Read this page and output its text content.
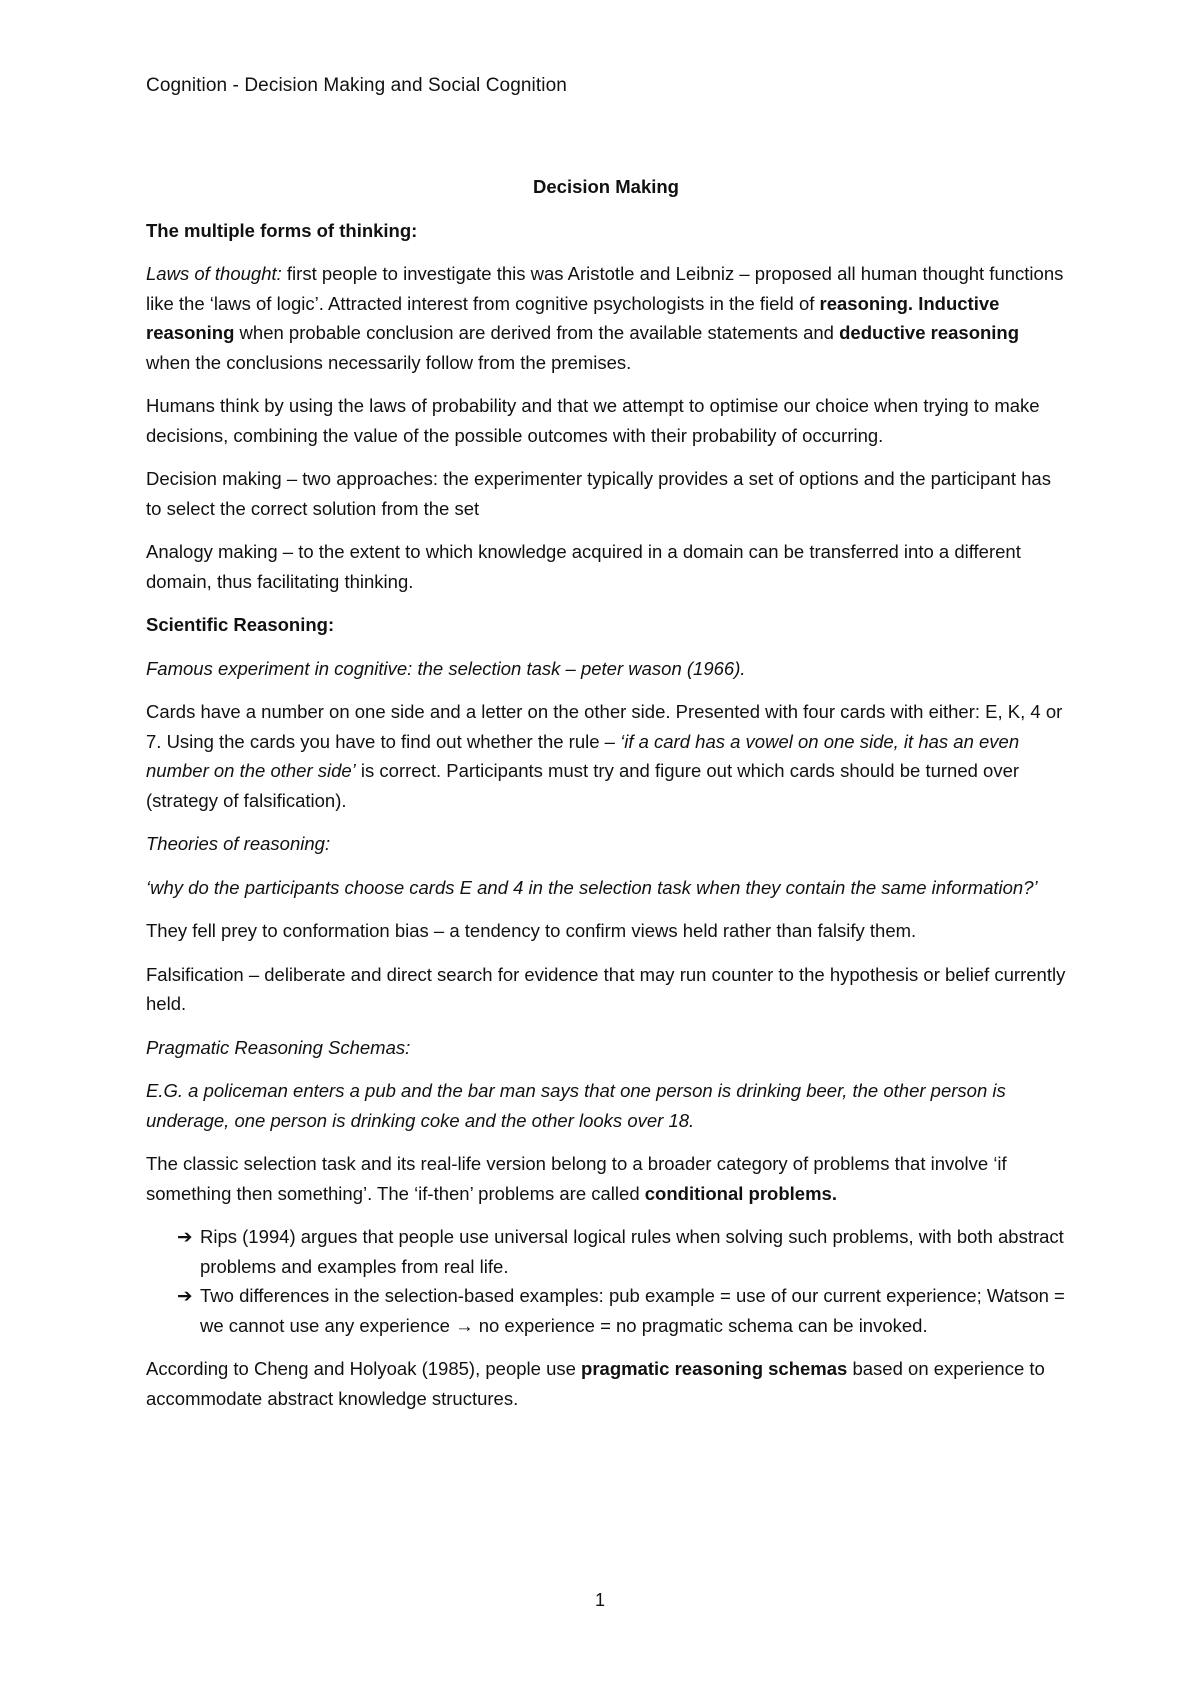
Cognition - Decision Making and Social Cognition
Decision Making

The multiple forms of thinking:

Laws of thought: first people to investigate this was Aristotle and Leibniz – proposed all human thought functions like the ‘laws of logic’. Attracted interest from cognitive psychologists in the field of reasoning. Inductive reasoning when probable conclusion are derived from the available statements and deductive reasoning when the conclusions necessarily follow from the premises.

Humans think by using the laws of probability and that we attempt to optimise our choice when trying to make decisions, combining the value of the possible outcomes with their probability of occurring.

Decision making – two approaches: the experimenter typically provides a set of options and the participant has to select the correct solution from the set

Analogy making – to the extent to which knowledge acquired in a domain can be transferred into a different domain, thus facilitating thinking.

Scientific Reasoning:

Famous experiment in cognitive: the selection task – peter wason (1966).

Cards have a number on one side and a letter on the other side. Presented with four cards with either: E, K, 4 or 7. Using the cards you have to find out whether the rule – ‘if a card has a vowel on one side, it has an even number on the other side’ is correct. Participants must try and figure out which cards should be turned over (strategy of falsification).

Theories of reasoning:

‘why do the participants choose cards E and 4 in the selection task when they contain the same information?’

They fell prey to conformation bias – a tendency to confirm views held rather than falsify them.

Falsification – deliberate and direct search for evidence that may run counter to the hypothesis or belief currently held.

Pragmatic Reasoning Schemas:

E.G. a policeman enters a pub and the bar man says that one person is drinking beer, the other person is underage, one person is drinking coke and the other looks over 18.

The classic selection task and its real-life version belong to a broader category of problems that involve ‘if something then something’. The ‘if-then’ problems are called conditional problems.

➔ Rips (1994) argues that people use universal logical rules when solving such problems, with both abstract problems and examples from real life.
➔ Two differences in the selection-based examples: pub example = use of our current experience; Watson = we cannot use any experience → no experience = no pragmatic schema can be invoked.

According to Cheng and Holyoak (1985), people use pragmatic reasoning schemas based on experience to accommodate abstract knowledge structures.

1
